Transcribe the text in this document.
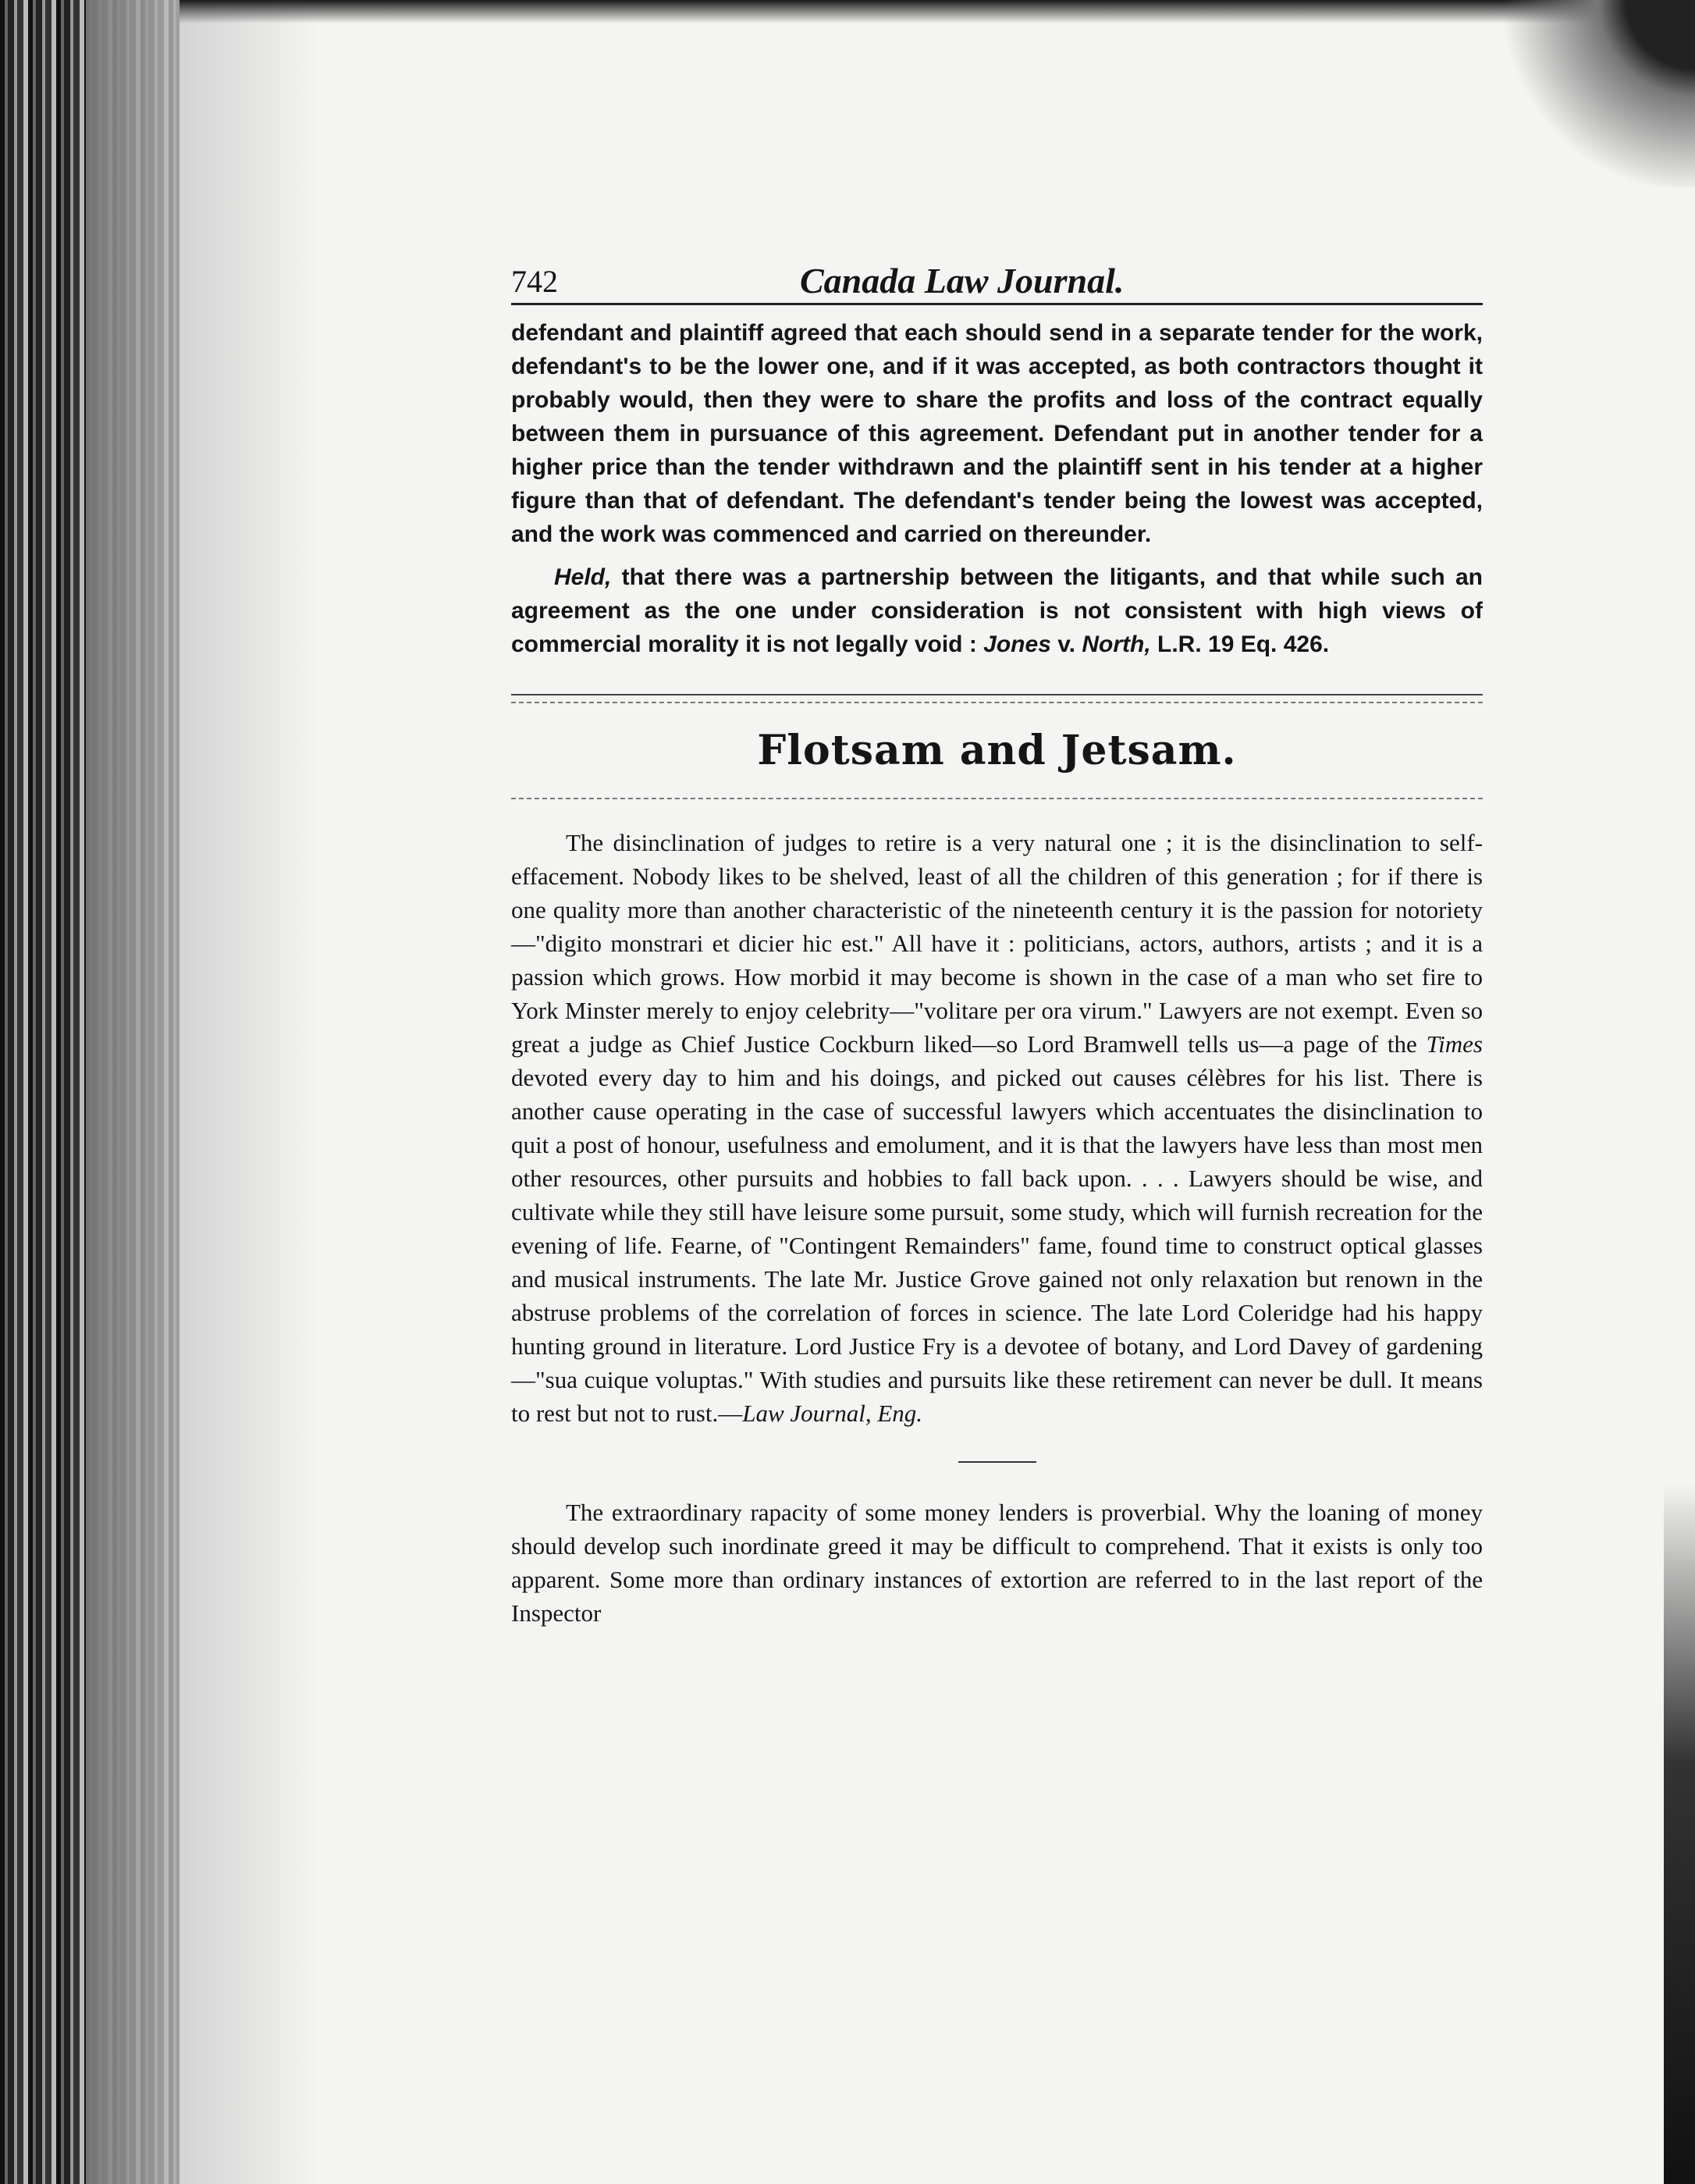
742	Canada Law Journal.

defendant and plaintiff agreed that each should send in a separate tender for the work, defendant's to be the lower one, and if it was accepted, as both contractors thought it probably would, then they were to share the profits and loss of the contract equally between them in pursuance of this agreement. Defendant put in another tender for a higher price than the tender withdrawn and the plaintiff sent in his tender at a higher figure than that of defendant. The defendant's tender being the lowest was accepted, and the work was commenced and carried on thereunder.

Held, that there was a partnership between the litigants, and that while such an agreement as the one under consideration is not consistent with high views of commercial morality it is not legally void : Jones v. North, L.R. 19 Eq. 426.

Flotsam and Jetsam.

The disinclination of judges to retire is a very natural one ; it is the disinclination to self-effacement. Nobody likes to be shelved, least of all the children of this generation ; for if there is one quality more than another characteristic of the nineteenth century it is the passion for notoriety—"digito monstrari et dicier hic est." All have it : politicians, actors, authors, artists ; and it is a passion which grows. How morbid it may become is shown in the case of a man who set fire to York Minster merely to enjoy celebrity—"volitare per ora virum." Lawyers are not exempt. Even so great a judge as Chief Justice Cockburn liked—so Lord Bramwell tells us—a page of the Times devoted every day to him and his doings, and picked out causes célèbres for his list. There is another cause operating in the case of successful lawyers which accentuates the disinclination to quit a post of honour, usefulness and emolument, and it is that the lawyers have less than most men other resources, other pursuits and hobbies to fall back upon. . . . Lawyers should be wise, and cultivate while they still have leisure some pursuit, some study, which will furnish recreation for the evening of life. Fearne, of "Contingent Remainders" fame, found time to construct optical glasses and musical instruments. The late Mr. Justice Grove gained not only relaxation but renown in the abstruse problems of the correlation of forces in science. The late Lord Coleridge had his happy hunting ground in literature. Lord Justice Fry is a devotee of botany, and Lord Davey of gardening—"sua cuique voluptas." With studies and pursuits like these retirement can never be dull. It means to rest but not to rust.—Law Journal, Eng.

The extraordinary rapacity of some money lenders is proverbial. Why the loaning of money should develop such inordinate greed it may be difficult to comprehend. That it exists is only too apparent. Some more than ordinary instances of extortion are referred to in the last report of the Inspector
